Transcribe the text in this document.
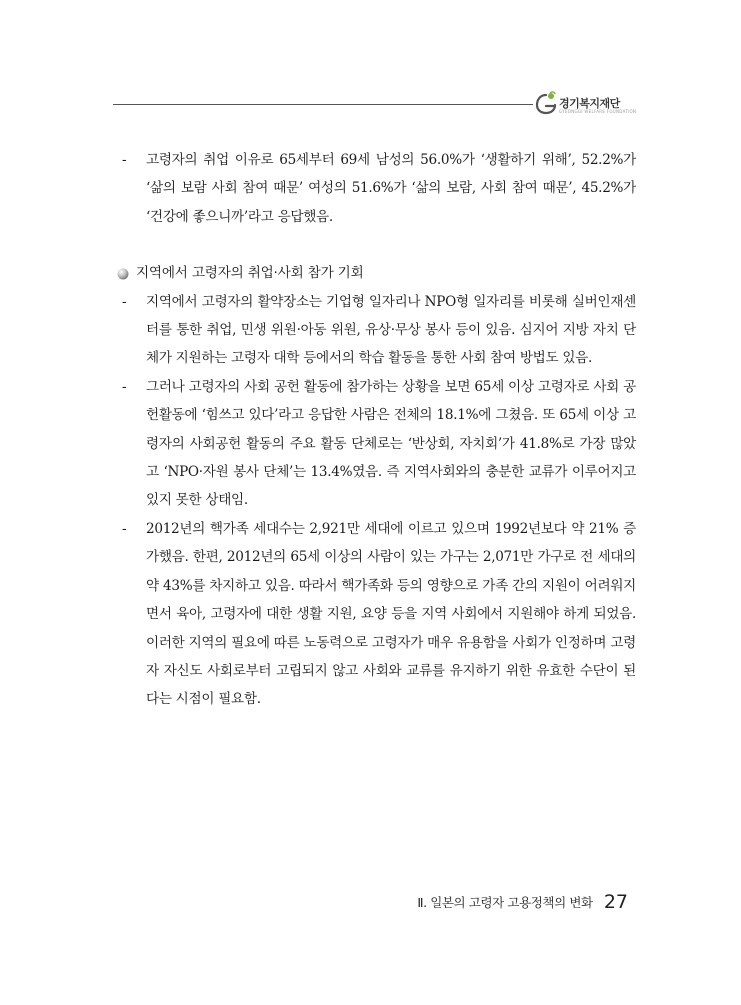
경기복지재단
GYEONGGI WELFARE FOUNDATION
- 고령자의 취업 이유로 65세부터 69세 남성의 56.0%가 ‘생활하기 위해’, 52.2%가 ‘삶의 보람 사회 참여 때문’ 여성의 51.6%가 ‘삶의 보람, 사회 참여 때문’, 45.2%가 ‘건강에 좋으니까’라고 응답했음.
지역에서 고령자의 취업·사회 참가 기회
- 지역에서 고령자의 활약장소는 기업형 일자리나 NPO형 일자리를 비롯해 실버인재센터를 통한 취업, 민생 위원·아동 위원, 유상·무상 봉사 등이 있음. 심지어 지방 자치 단체가 지원하는 고령자 대학 등에서의 학습 활동을 통한 사회 참여 방법도 있음.
- 그러나 고령자의 사회 공헌 활동에 참가하는 상황을 보면 65세 이상 고령자로 사회 공헌활동에 ‘힘쓰고 있다’라고 응답한 사람은 전체의 18.1%에 그쳤음. 또 65세 이상 고령자의 사회공헌 활동의 주요 활동 단체로는 ‘반상회, 자치회’가 41.8%로 가장 많았고 ‘NPO·자원 봉사 단체’는 13.4%였음. 즉 지역사회와의 충분한 교류가 이루어지고 있지 못한 상태임.
- 2012년의 핵가족 세대수는 2,921만 세대에 이르고 있으며 1992년보다 약 21% 증가했음. 한편, 2012년의 65세 이상의 사람이 있는 가구는 2,071만 가구로 전 세대의 약 43%를 차지하고 있음. 따라서 핵가족화 등의 영향으로 가족 간의 지원이 어려워지면서 육아, 고령자에 대한 생활 지원, 요양 등을 지역 사회에서 지원해야 하게 되었음. 이러한 지역의 필요에 따른 노동력으로 고령자가 매우 유용함을 사회가 인정하며 고령자 자신도 사회로부터 고립되지 않고 사회와 교류를 유지하기 위한 유효한 수단이 된다는 시점이 필요함.
Ⅱ. 일본의 고령자 고용정책의 변화 27
